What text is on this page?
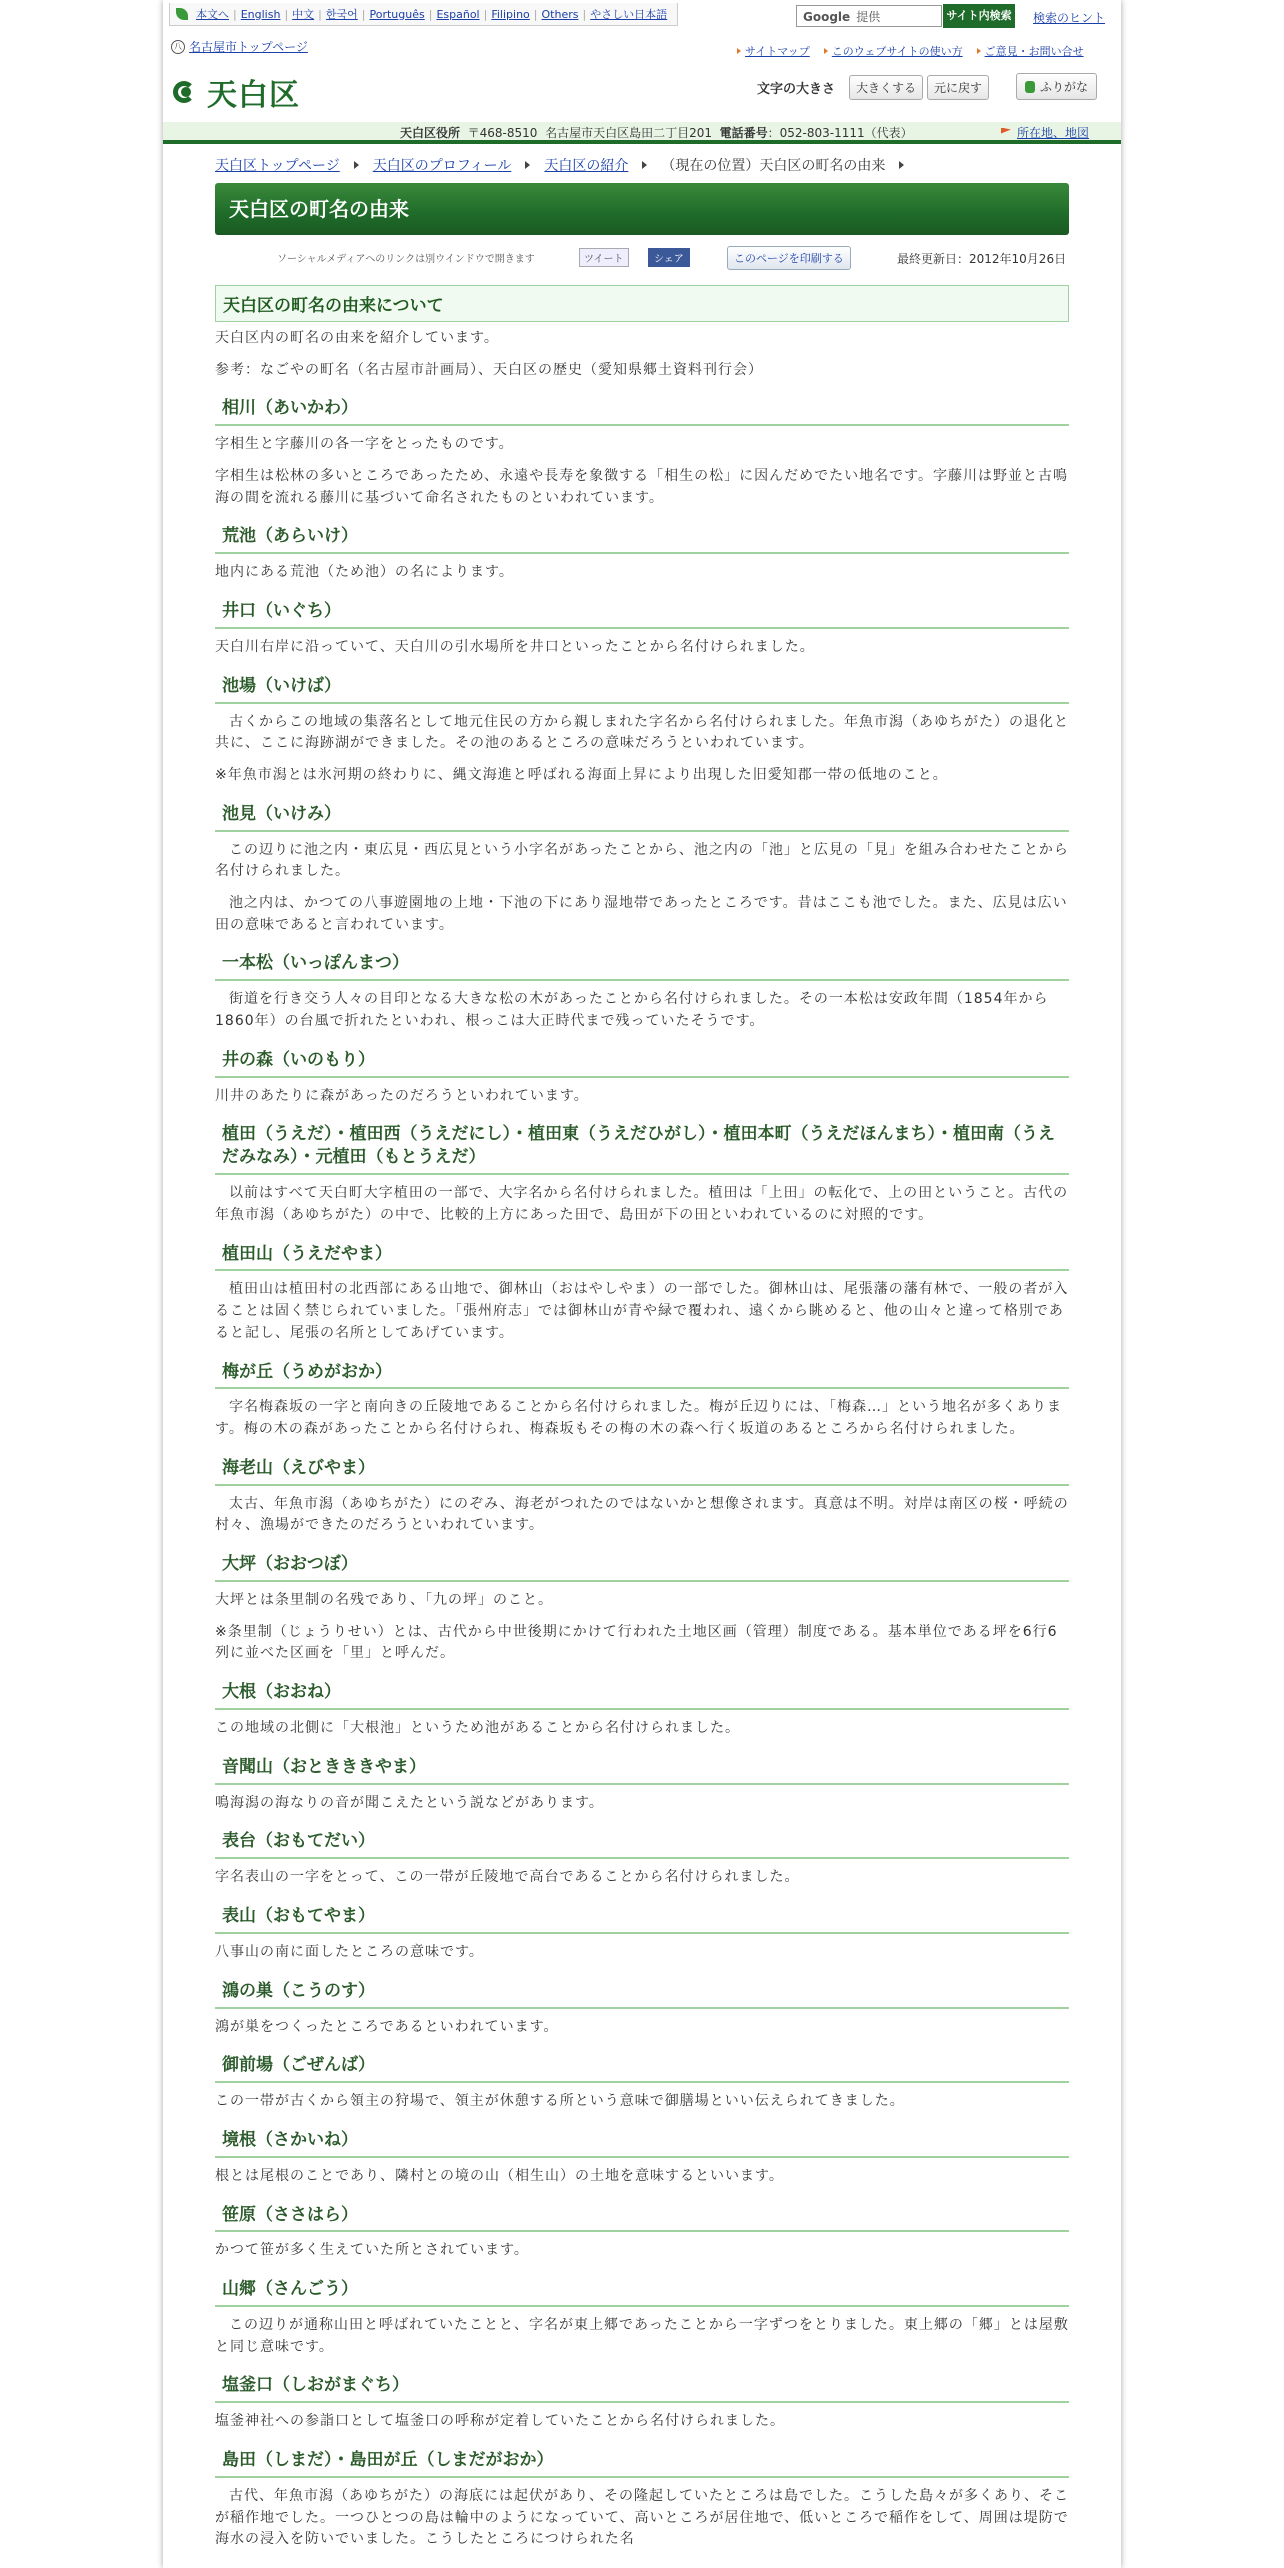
本文へ | English | 中文 | 한국어 | Português | Español | Filipino | Others | やさしい日本語
八 名古屋市トップページ
Google 提供	サイト内検索 検索のヒント
サイトマップ このウェブサイトの使い方 ご意見・お問い合せ
天白区	文字の大きさ	大きくする	元に戻す	ふりがな
天白区役所 〒468-8510 名古屋市天白区島田二丁目201 電話番号：052-803-1111（代表）	所在地、地図
天白区トップページ 天白区のプロフィール 天白区の紹介 （現在の位置）天白区の町名の由来
天白区の町名の由来
ソーシャルメディアへのリンクは別ウインドウで開きます	ツイート	シェア	このページを印刷する	最終更新日：2012年10月26日
天白区の町名の由来について

天白区内の町名の由来を紹介しています。

参考：なごやの町名（名古屋市計画局）、天白区の歴史（愛知県郷土資料刊行会）

相川（あいかわ）

字相生と字藤川の各一字をとったものです。

字相生は松林の多いところであったため、永遠や長寿を象徴する「相生の松」に因んだめでたい地名です。字藤川は野並と古鳴海の間を流れる藤川に基づいて命名されたものといわれています。

荒池（あらいけ）

地内にある荒池（ため池）の名によります。

井口（いぐち）

天白川右岸に沿っていて、天白川の引水場所を井口といったことから名付けられました。

池場（いけば）

古くからこの地域の集落名として地元住民の方から親しまれた字名から名付けられました。年魚市潟（あゆちがた）の退化と共に、ここに海跡湖ができました。その池のあるところの意味だろうといわれています。

※年魚市潟とは氷河期の終わりに、縄文海進と呼ばれる海面上昇により出現した旧愛知郡一帯の低地のこと。

池見（いけみ）

この辺りに池之内・東広見・西広見という小字名があったことから、池之内の「池」と広見の「見」を組み合わせたことから名付けられました。

池之内は、かつての八事遊園地の上地・下池の下にあり湿地帯であったところです。昔はここも池でした。また、広見は広い田の意味であると言われています。

一本松（いっぽんまつ）

街道を行き交う人々の目印となる大きな松の木があったことから名付けられました。その一本松は安政年間（1854年から1860年）の台風で折れたといわれ、根っこは大正時代まで残っていたそうです。

井の森（いのもり）

川井のあたりに森があったのだろうといわれています。

植田（うえだ）・植田西（うえだにし）・植田東（うえだひがし）・植田本町（うえだほんまち）・植田南（うえだみなみ）・元植田（もとうえだ）

以前はすべて天白町大字植田の一部で、大字名から名付けられました。植田は「上田」の転化で、上の田ということ。古代の年魚市潟（あゆちがた）の中で、比較的上方にあった田で、島田が下の田といわれているのに対照的です。

植田山（うえだやま）

植田山は植田村の北西部にある山地で、御林山（おはやしやま）の一部でした。御林山は、尾張藩の藩有林で、一般の者が入ることは固く禁じられていました。「張州府志」では御林山が青や緑で覆われ、遠くから眺めると、他の山々と違って格別であると記し、尾張の名所としてあげています。

梅が丘（うめがおか）

字名梅森坂の一字と南向きの丘陵地であることから名付けられました。梅が丘辺りには、「梅森…」という地名が多くあります。梅の木の森があったことから名付けられ、梅森坂もその梅の木の森へ行く坂道のあるところから名付けられました。

海老山（えびやま）

太古、年魚市潟（あゆちがた）にのぞみ、海老がつれたのではないかと想像されます。真意は不明。対岸は南区の桜・呼続の村々、漁場ができたのだろうといわれています。

大坪（おおつぼ）

大坪とは条里制の名残であり、「九の坪」のこと。

※条里制（じょうりせい）とは、古代から中世後期にかけて行われた土地区画（管理）制度である。基本単位である坪を6行6列に並べた区画を「里」と呼んだ。

大根（おおね）

この地域の北側に「大根池」というため池があることから名付けられました。

音聞山（おときききやま）

鳴海潟の海なりの音が聞こえたという説などがあります。

表台（おもてだい）

字名表山の一字をとって、この一帯が丘陵地で高台であることから名付けられました。

表山（おもてやま）

八事山の南に面したところの意味です。

鴻の巣（こうのす）

鴻が巣をつくったところであるといわれています。

御前場（ごぜんば）

この一帯が古くから領主の狩場で、領主が休憩する所という意味で御膳場といい伝えられてきました。

境根（さかいね）

根とは尾根のことであり、隣村との境の山（相生山）の土地を意味するといいます。

笹原（ささはら）

かつて笹が多く生えていた所とされています。

山郷（さんごう）

この辺りが通称山田と呼ばれていたことと、字名が東上郷であったことから一字ずつをとりました。東上郷の「郷」とは屋敷と同じ意味です。

塩釜口（しおがまぐち）

塩釜神社への参詣口として塩釜口の呼称が定着していたことから名付けられました。

島田（しまだ）・島田が丘（しまだがおか）

古代、年魚市潟（あゆちがた）の海底には起伏があり、その隆起していたところは島でした。こうした島々が多くあり、そこが稲作地でした。一つひとつの島は輪中のようになっていて、高いところが居住地で、低いところで稲作をして、周囲は堤防で海水の浸入を防いでいました。こうしたところにつけられた名
